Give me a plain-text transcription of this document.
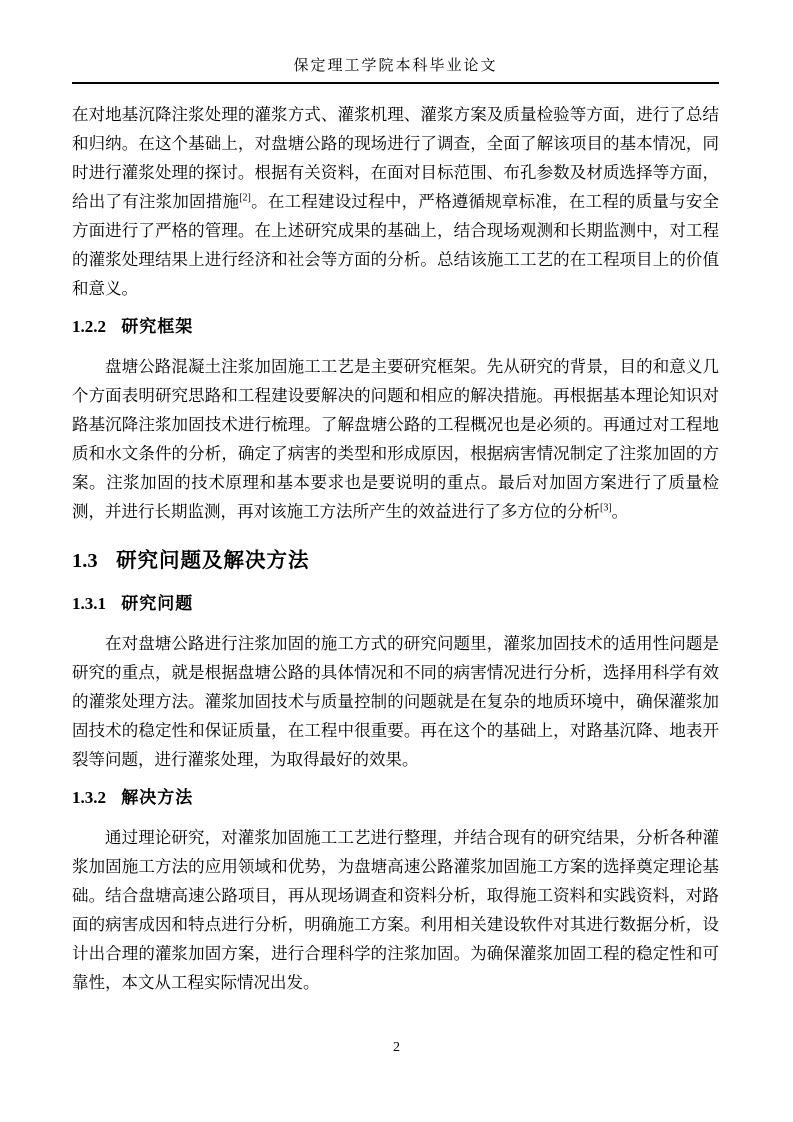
保定理工学院本科毕业论文

在对地基沉降注浆处理的灌浆方式、灌浆机理、灌浆方案及质量检验等方面，进行了总结和归纳。在这个基础上，对盘塘公路的现场进行了调查，全面了解该项目的基本情况，同时进行灌浆处理的探讨。根据有关资料，在面对目标范围、布孔参数及材质选择等方面，给出了有注浆加固措施[2]。在工程建设过程中，严格遵循规章标准，在工程的质量与安全方面进行了严格的管理。在上述研究成果的基础上，结合现场观测和长期监测中，对工程的灌浆处理结果上进行经济和社会等方面的分析。总结该施工工艺的在工程项目上的价值和意义。

1.2.2 研究框架

盘塘公路混凝土注浆加固施工工艺是主要研究框架。先从研究的背景，目的和意义几个方面表明研究思路和工程建设要解决的问题和相应的解决措施。再根据基本理论知识对路基沉降注浆加固技术进行梳理。了解盘塘公路的工程概况也是必须的。再通过对工程地质和水文条件的分析，确定了病害的类型和形成原因，根据病害情况制定了注浆加固的方案。注浆加固的技术原理和基本要求也是要说明的重点。最后对加固方案进行了质量检测，并进行长期监测，再对该施工方法所产生的效益进行了多方位的分析[3]。

1.3 研究问题及解决方法
1.3.1 研究问题

在对盘塘公路进行注浆加固的施工方式的研究问题里，灌浆加固技术的适用性问题是研究的重点，就是根据盘塘公路的具体情况和不同的病害情况进行分析，选择用科学有效的灌浆处理方法。灌浆加固技术与质量控制的问题就是在复杂的地质环境中，确保灌浆加固技术的稳定性和保证质量，在工程中很重要。再在这个的基础上，对路基沉降、地表开裂等问题，进行灌浆处理，为取得最好的效果。

1.3.2 解决方法

通过理论研究，对灌浆加固施工工艺进行整理，并结合现有的研究结果，分析各种灌浆加固施工方法的应用领域和优势，为盘塘高速公路灌浆加固施工方案的选择奠定理论基础。结合盘塘高速公路项目，再从现场调查和资料分析，取得施工资料和实践资料，对路面的病害成因和特点进行分析，明确施工方案。利用相关建设软件对其进行数据分析，设计出合理的灌浆加固方案，进行合理科学的注浆加固。为确保灌浆加固工程的稳定性和可靠性，本文从工程实际情况出发。

2
